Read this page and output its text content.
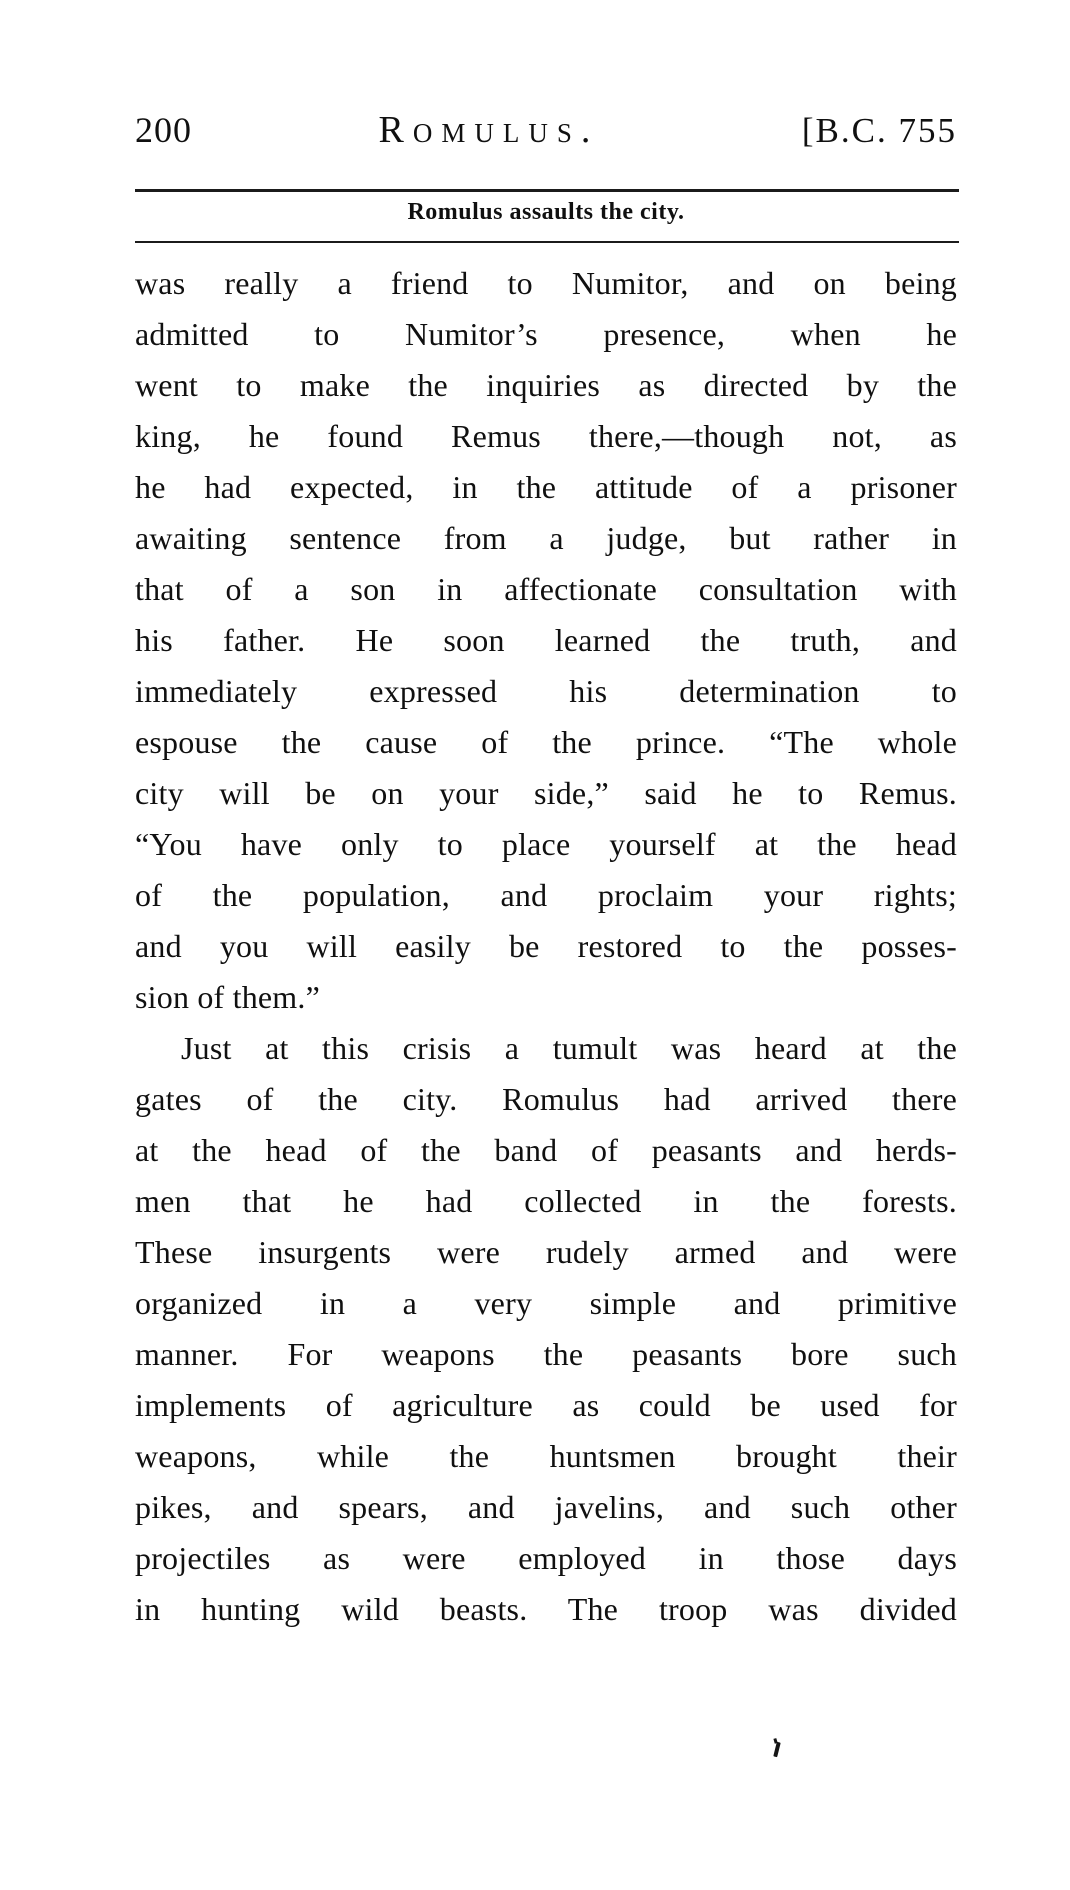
200	Romulus.	[B.C. 755
Romulus assaults the city.
was really a friend to Numitor, and on being
admitted to Numitor’s presence, when he
went to make the inquiries as directed by the
king, he found Remus there,—though not, as
he had expected, in the attitude of a prisoner
awaiting sentence from a judge, but rather in
that of a son in affectionate consultation with
his father. He soon learned the truth, and
immediately expressed his determination to
espouse the cause of the prince. “The whole
city will be on your side,” said he to Remus.
“You have only to place yourself at the head
of the population, and proclaim your rights;
and you will easily be restored to the posses-
sion of them.”
Just at this crisis a tumult was heard at the
gates of the city. Romulus had arrived there
at the head of the band of peasants and herds-
men that he had collected in the forests.
These insurgents were rudely armed and were
organized in a very simple and primitive
manner. For weapons the peasants bore such
implements of agriculture as could be used for
weapons, while the huntsmen brought their
pikes, and spears, and javelins, and such other
projectiles as were employed in those days
in hunting wild beasts. The troop was divided
